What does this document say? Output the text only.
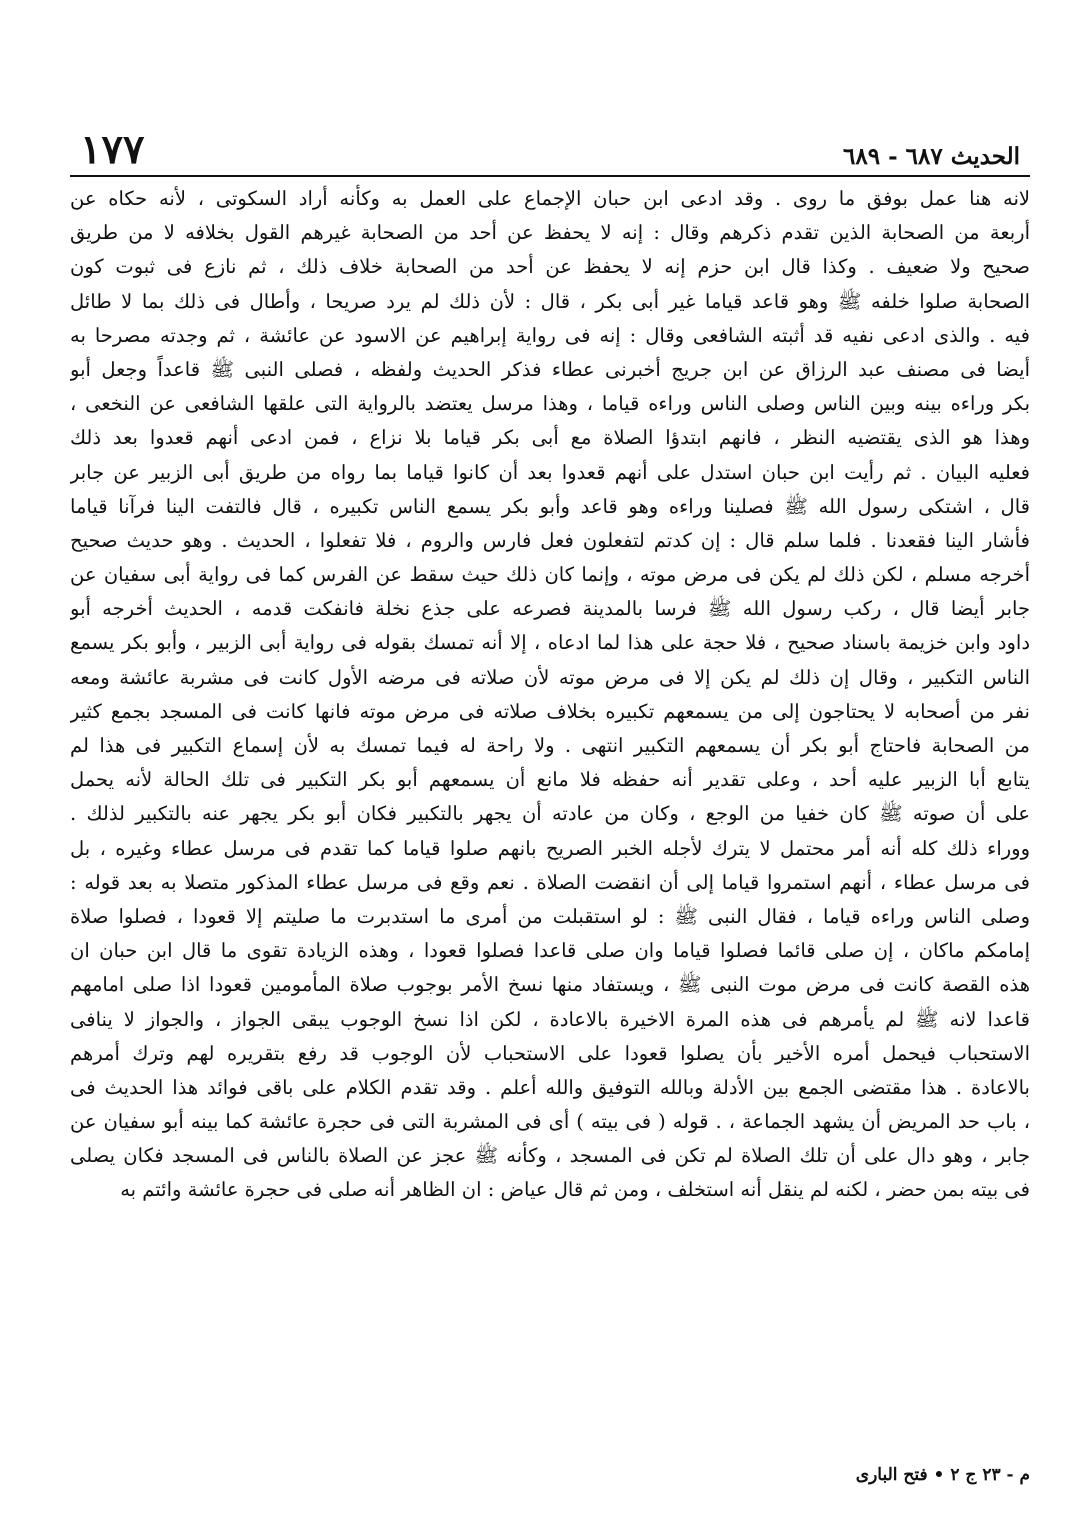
الحديث ٦٨٧ - ٦٨٩
١٧٧
لانه هنا عمل بوفق ما روى . وقد ادعى ابن حبان الإجماع على العمل به وكأنه أراد السكوتى ، لأنه حكاه عن
أربعة من الصحابة الذين تقدم ذكرهم وقال : إنه لا يحفظ عن أحد من الصحابة غيرهم القول بخلافه لا من طريق
صحيح ولا ضعيف . وكذا قال ابن حزم إنه لا يحفظ عن أحد من الصحابة خلاف ذلك ، ثم نازع فى ثبوت كون
الصحابة صلوا خلفه ﷺ وهو قاعد قياما غير أبى بكر ، قال : لأن ذلك لم يرد صريحا ، وأطال فى ذلك بما لا طائل
فيه . والذى ادعى نفيه قد أثبته الشافعى وقال : إنه فى رواية إبراهيم عن الاسود عن عائشة ، ثم وجدته مصرحا به
أيضا فى مصنف عبد الرزاق عن ابن جريج أخبرنى عطاء فذكر الحديث ولفظه ، فصلى النبى ﷺ قاعداً وجعل أبو
بكر وراءه بينه وبين الناس وصلى الناس وراءه قياما ، وهذا مرسل يعتضد بالرواية التى علقها الشافعى عن النخعى ،
وهذا هو الذى يقتضيه النظر ، فانهم ابتدؤا الصلاة مع أبى بكر قياما بلا نزاع ، فمن ادعى أنهم قعدوا بعد ذلك
فعليه البيان . ثم رأيت ابن حبان استدل على أنهم قعدوا بعد أن كانوا قياما بما رواه من طريق أبى الزبير عن جابر
قال ، اشتكى رسول الله ﷺ فصلينا وراءه وهو قاعد وأبو بكر يسمع الناس تكبيره ، قال فالتفت الينا فرآنا قياما
فأشار الينا فقعدنا . فلما سلم قال : إن كدتم لتفعلون فعل فارس والروم ، فلا تفعلوا ، الحديث . وهو حديث صحيح
أخرجه مسلم ، لكن ذلك لم يكن فى مرض موته ، وإنما كان ذلك حيث سقط عن الفرس كما فى رواية أبى سفيان عن
جابر أيضا قال ، ركب رسول الله ﷺ فرسا بالمدينة فصرعه على جذع نخلة فانفكت قدمه ، الحديث أخرجه أبو
داود وابن خزيمة باسناد صحيح ، فلا حجة على هذا لما ادعاه ، إلا أنه تمسك بقوله فى رواية أبى الزبير ، وأبو بكر يسمع
الناس التكبير ، وقال إن ذلك لم يكن إلا فى مرض موته لأن صلاته فى مرضه الأول كانت فى مشربة عائشة ومعه
نفر من أصحابه لا يحتاجون إلى من يسمعهم تكبيره بخلاف صلاته فى مرض موته فانها كانت فى المسجد بجمع كثير
من الصحابة فاحتاج أبو بكر أن يسمعهم التكبير انتهى . ولا راحة له فيما تمسك به لأن إسماع التكبير فى هذا لم
يتابع أبا الزبير عليه أحد ، وعلى تقدير أنه حفظه فلا مانع أن يسمعهم أبو بكر التكبير فى تلك الحالة لأنه يحمل
على أن صوته ﷺ كان خفيا من الوجع ، وكان من عادته أن يجهر بالتكبير فكان أبو بكر يجهر عنه بالتكبير لذلك .
ووراء ذلك كله أنه أمر محتمل لا يترك لأجله الخبر الصريح بانهم صلوا قياما كما تقدم فى مرسل عطاء وغيره ، بل
فى مرسل عطاء ، أنهم استمروا قياما إلى أن انقضت الصلاة . نعم وقع فى مرسل عطاء المذكور متصلا به بعد قوله :
وصلى الناس وراءه قياما ، فقال النبى ﷺ : لو استقبلت من أمرى ما استدبرت ما صليتم إلا قعودا ، فصلوا صلاة
إمامكم ماكان ، إن صلى قائما فصلوا قياما وان صلى قاعدا فصلوا قعودا ، وهذه الزيادة تقوى ما قال ابن حبان ان
هذه القصة كانت فى مرض موت النبى ﷺ ، ويستفاد منها نسخ الأمر بوجوب صلاة المأمومين قعودا اذا صلى امامهم
قاعدا لانه ﷺ لم يأمرهم فى هذه المرة الاخيرة بالاعادة ، لكن اذا نسخ الوجوب يبقى الجواز ، والجواز لا ينافى
الاستحباب فيحمل أمره الأخير بأن يصلوا قعودا على الاستحباب لأن الوجوب قد رفع بتقريره لهم وترك أمرهم
بالاعادة . هذا مقتضى الجمع بين الأدلة وبالله التوفيق والله أعلم . وقد تقدم الكلام على باقى فوائد هذا الحديث فى
، باب حد المريض أن يشهد الجماعة ، . قوله ( فى بيته ) أى فى المشربة التى فى حجرة عائشة كما بينه أبو سفيان عن
جابر ، وهو دال على أن تلك الصلاة لم تكن فى المسجد ، وكأنه ﷺ عجز عن الصلاة بالناس فى المسجد فكان يصلى
فى بيته بمن حضر ، لكنه لم ينقل أنه استخلف ، ومن ثم قال عياض : ان الظاهر أنه صلى فى حجرة عائشة وائتم به
م - ٢٣ ج ٢ • فتح البارى
